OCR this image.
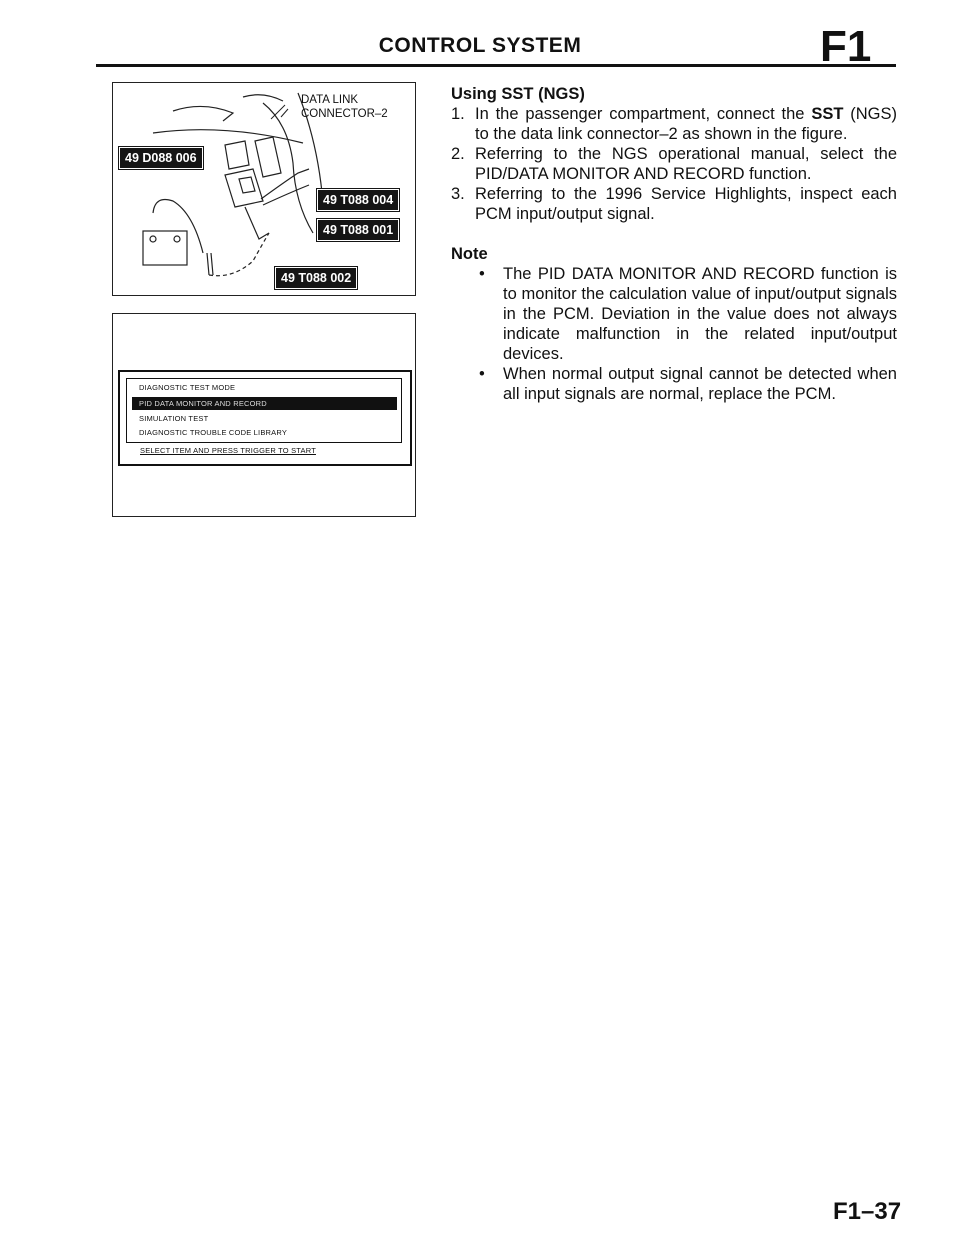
CONTROL SYSTEM	F1
DATA LINK
CONNECTOR–2
49 D088 006
49 T088 004
49 T088 001
49 T088 002
DIAGNOSTIC TEST MODE
PID DATA MONITOR AND RECORD
SIMULATION TEST
DIAGNOSTIC TROUBLE CODE LIBRARY
SELECT ITEM AND PRESS TRIGGER TO START
Using SST (NGS)
1. In the passenger compartment, connect the SST (NGS) to the data link connector–2 as shown in the figure.
2. Referring to the NGS operational manual, select the PID/DATA MONITOR AND RECORD function.
3. Referring to the 1996 Service Highlights, inspect each PCM input/output signal.
Note
• The PID DATA MONITOR AND RECORD function is to monitor the calculation value of input/output signals in the PCM. Deviation in the value does not always indicate malfunction in the related input/output devices.
• When normal output signal cannot be detected when all input signals are normal, replace the PCM.
F1–37
